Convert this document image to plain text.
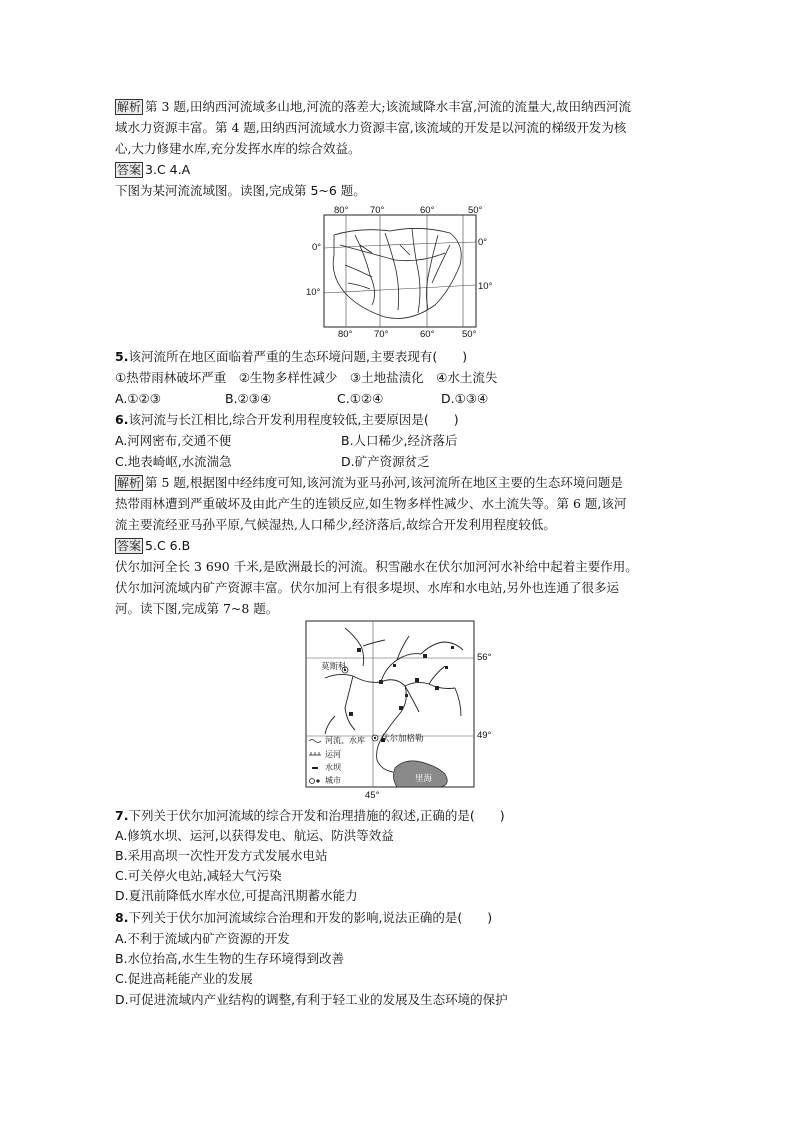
解析 第 3 题,田纳西河流域多山地,河流的落差大;该流域降水丰富,河流的流量大,故田纳西河流
域水力资源丰富。第 4 题,田纳西河流域水力资源丰富,该流域的开发是以河流的梯级开发为核
心,大力修建水库,充分发挥水库的综合效益。
答案 3.C 4.A
下图为某河流流域图。读图,完成第 5~6 题。
80° 70°	60°	50°
80° 70°	60°	50°
0°
10°
0°
10°
5.该河流所在地区面临着严重的生态环境问题,主要表现有(　　)
①热带雨林破坏严重　②生物多样性减少　③土地盐渍化　④水土流失
A.①②③	B.②③④	C.①②④	D.①③④
6.该河流与长江相比,综合开发利用程度较低,主要原因是(　　)
A.河网密布,交通不便	B.人口稀少,经济落后
C.地表崎岖,水流湍急	D.矿产资源贫乏
解析 第 5 题,根据图中经纬度可知,该河流为亚马孙河,该河流所在地区主要的生态环境问题是
热带雨林遭到严重破坏及由此产生的连锁反应,如生物多样性减少、水土流失等。第 6 题,该河
流主要流经亚马孙平原,气候湿热,人口稀少,经济落后,故综合开发利用程度较低。
答案 5.C 6.B
伏尔加河全长 3 690 千米,是欧洲最长的河流。积雪融水在伏尔加河河水补给中起着主要作用。
伏尔加河流域内矿产资源丰富。伏尔加河上有很多堤坝、水库和水电站,另外也连通了很多运
河。读下图,完成第 7~8 题。
莫斯科
伏尔加格勒
里海
56°
49°
45°
河流、水库
运河
水坝
城市
7.下列关于伏尔加河流域的综合开发和治理措施的叙述,正确的是(　　)
A.修筑水坝、运河,以获得发电、航运、防洪等效益
B.采用高坝一次性开发方式发展水电站
C.可关停火电站,减轻大气污染
D.夏汛前降低水库水位,可提高汛期蓄水能力
8.下列关于伏尔加河流域综合治理和开发的影响,说法正确的是(　　)
A.不利于流域内矿产资源的开发
B.水位抬高,水生生物的生存环境得到改善
C.促进高耗能产业的发展
D.可促进流域内产业结构的调整,有利于轻工业的发展及生态环境的保护
